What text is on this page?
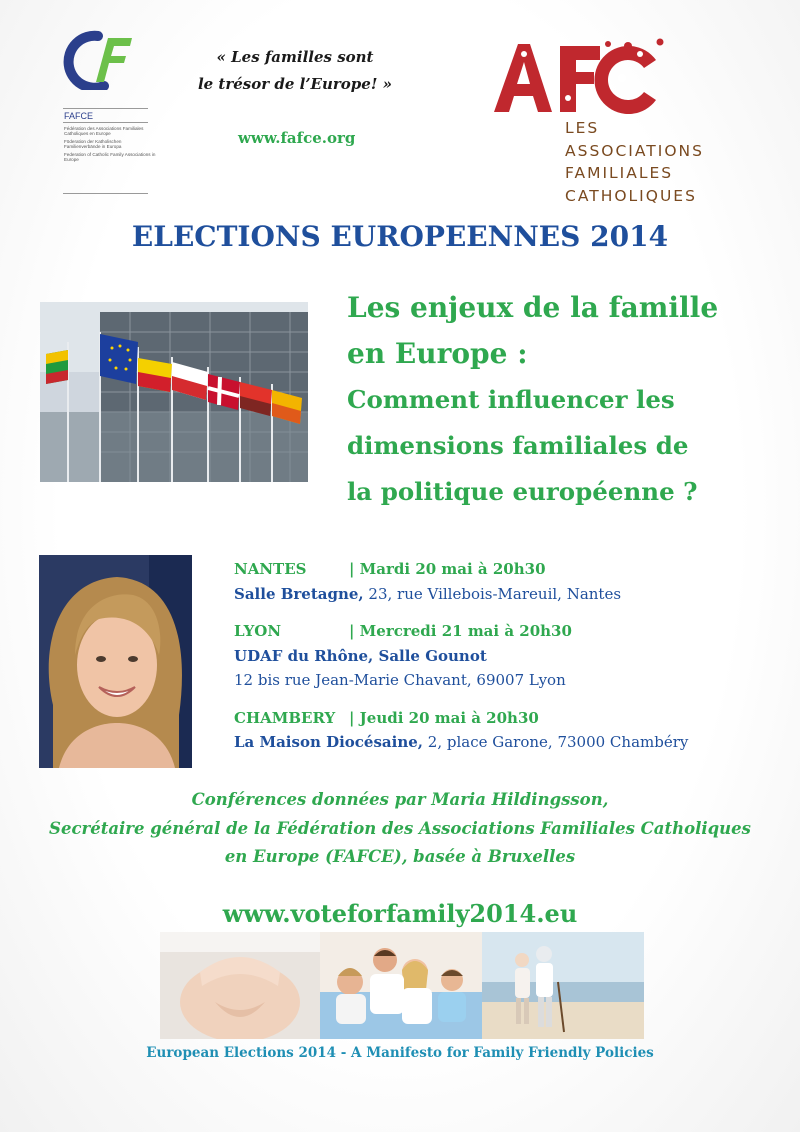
FAFCE
Fédération des Associations Familiales Catholiques en Europe
Föderation der Katholischen Familienverbände in Europa
Federation of Catholic Family Associations in Europe
« Les familles sont
le trésor de l’Europe! »
www.fafce.org
LES
ASSOCIATIONS
FAMILIALES
CATHOLIQUES
ELECTIONS EUROPEENNES 2014
Les enjeux de la famille
en Europe :
Comment influencer les
dimensions familiales de
la politique européenne ?
NANTES	| Mardi 20 mai à 20h30
Salle Bretagne, 23, rue Villebois-Mareuil, Nantes
LYON	| Mercredi 21 mai à 20h30
UDAF du Rhône, Salle Gounot
12 bis rue Jean-Marie Chavant, 69007 Lyon
CHAMBERY | Jeudi 20 mai à 20h30
La Maison Diocésaine, 2, place Garone, 73000 Chambéry
Conférences données par Maria Hildingsson,
Secrétaire général de la Fédération des Associations Familiales Catholiques
en Europe (FAFCE), basée à Bruxelles
www.voteforfamily2014.eu
European Elections 2014 - A Manifesto for Family Friendly Policies
